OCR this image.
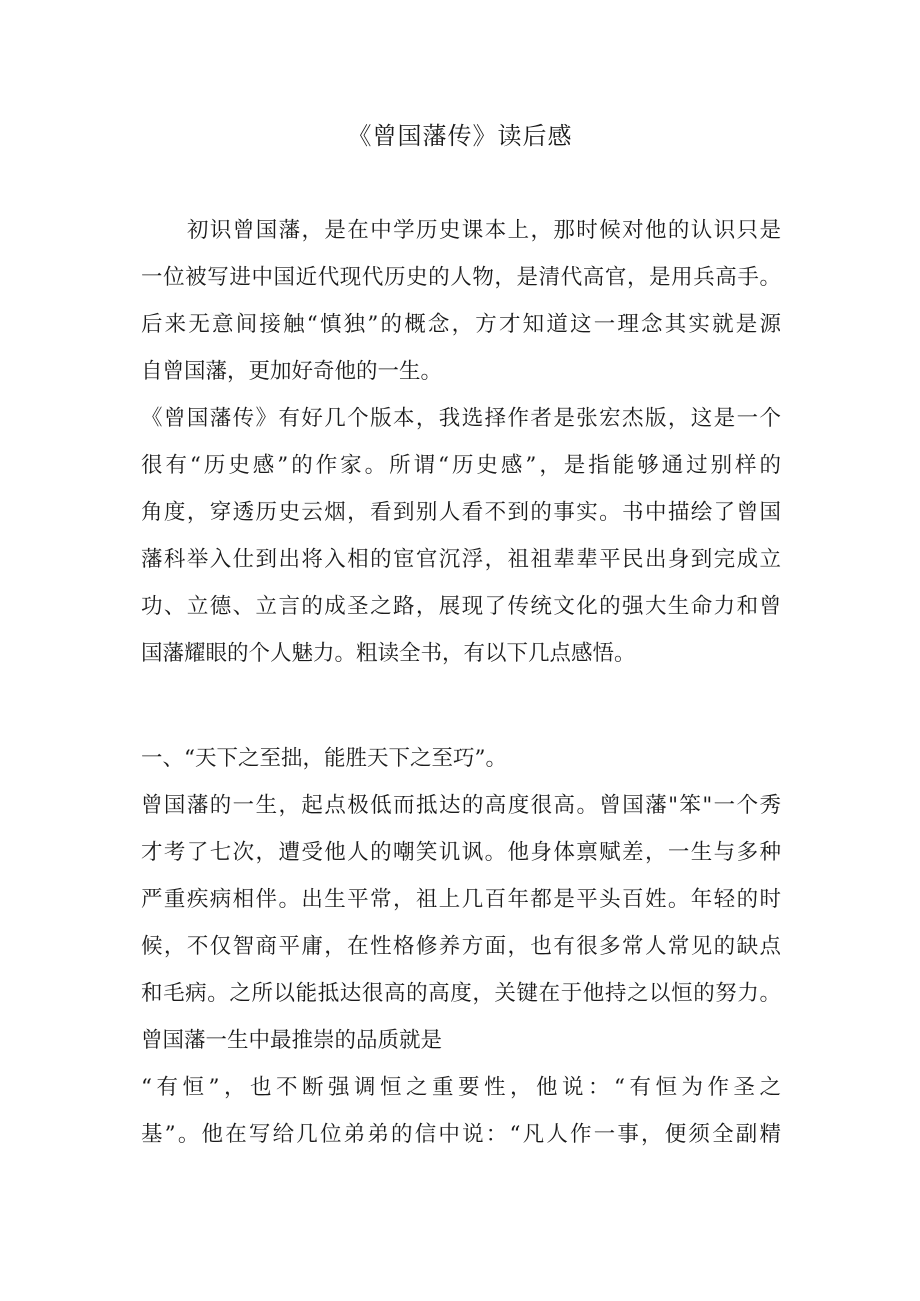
《曾国藩传》读后感
初识曾国藩，是在中学历史课本上，那时候对他的认识只是
一位被写进中国近代现代历史的人物，是清代高官，是用兵高手。
后来无意间接触“慎独”的概念，方才知道这一理念其实就是源
自曾国藩，更加好奇他的一生。
《曾国藩传》有好几个版本，我选择作者是张宏杰版，这是一个
很有“历史感”的作家。所谓“历史感”，是指能够通过别样的
角度，穿透历史云烟，看到别人看不到的事实。书中描绘了曾国
藩科举入仕到出将入相的宦官沉浮，祖祖辈辈平民出身到完成立
功、立德、立言的成圣之路，展现了传统文化的强大生命力和曾
国藩耀眼的个人魅力。粗读全书，有以下几点感悟。
一、“天下之至拙，能胜天下之至巧”。
曾国藩的一生，起点极低而抵达的高度很高。曾国藩"笨"一个秀
才考了七次，遭受他人的嘲笑讥讽。他身体禀赋差，一生与多种
严重疾病相伴。出生平常，祖上几百年都是平头百姓。年轻的时
候，不仅智商平庸，在性格修养方面，也有很多常人常见的缺点
和毛病。之所以能抵达很高的高度，关键在于他持之以恒的努力。
曾国藩一生中最推崇的品质就是
“有恒”，也不断强调恒之重要性，他说：“有恒为作圣之
基”。他在写给几位弟弟的信中说：“凡人作一事，便须全副精
